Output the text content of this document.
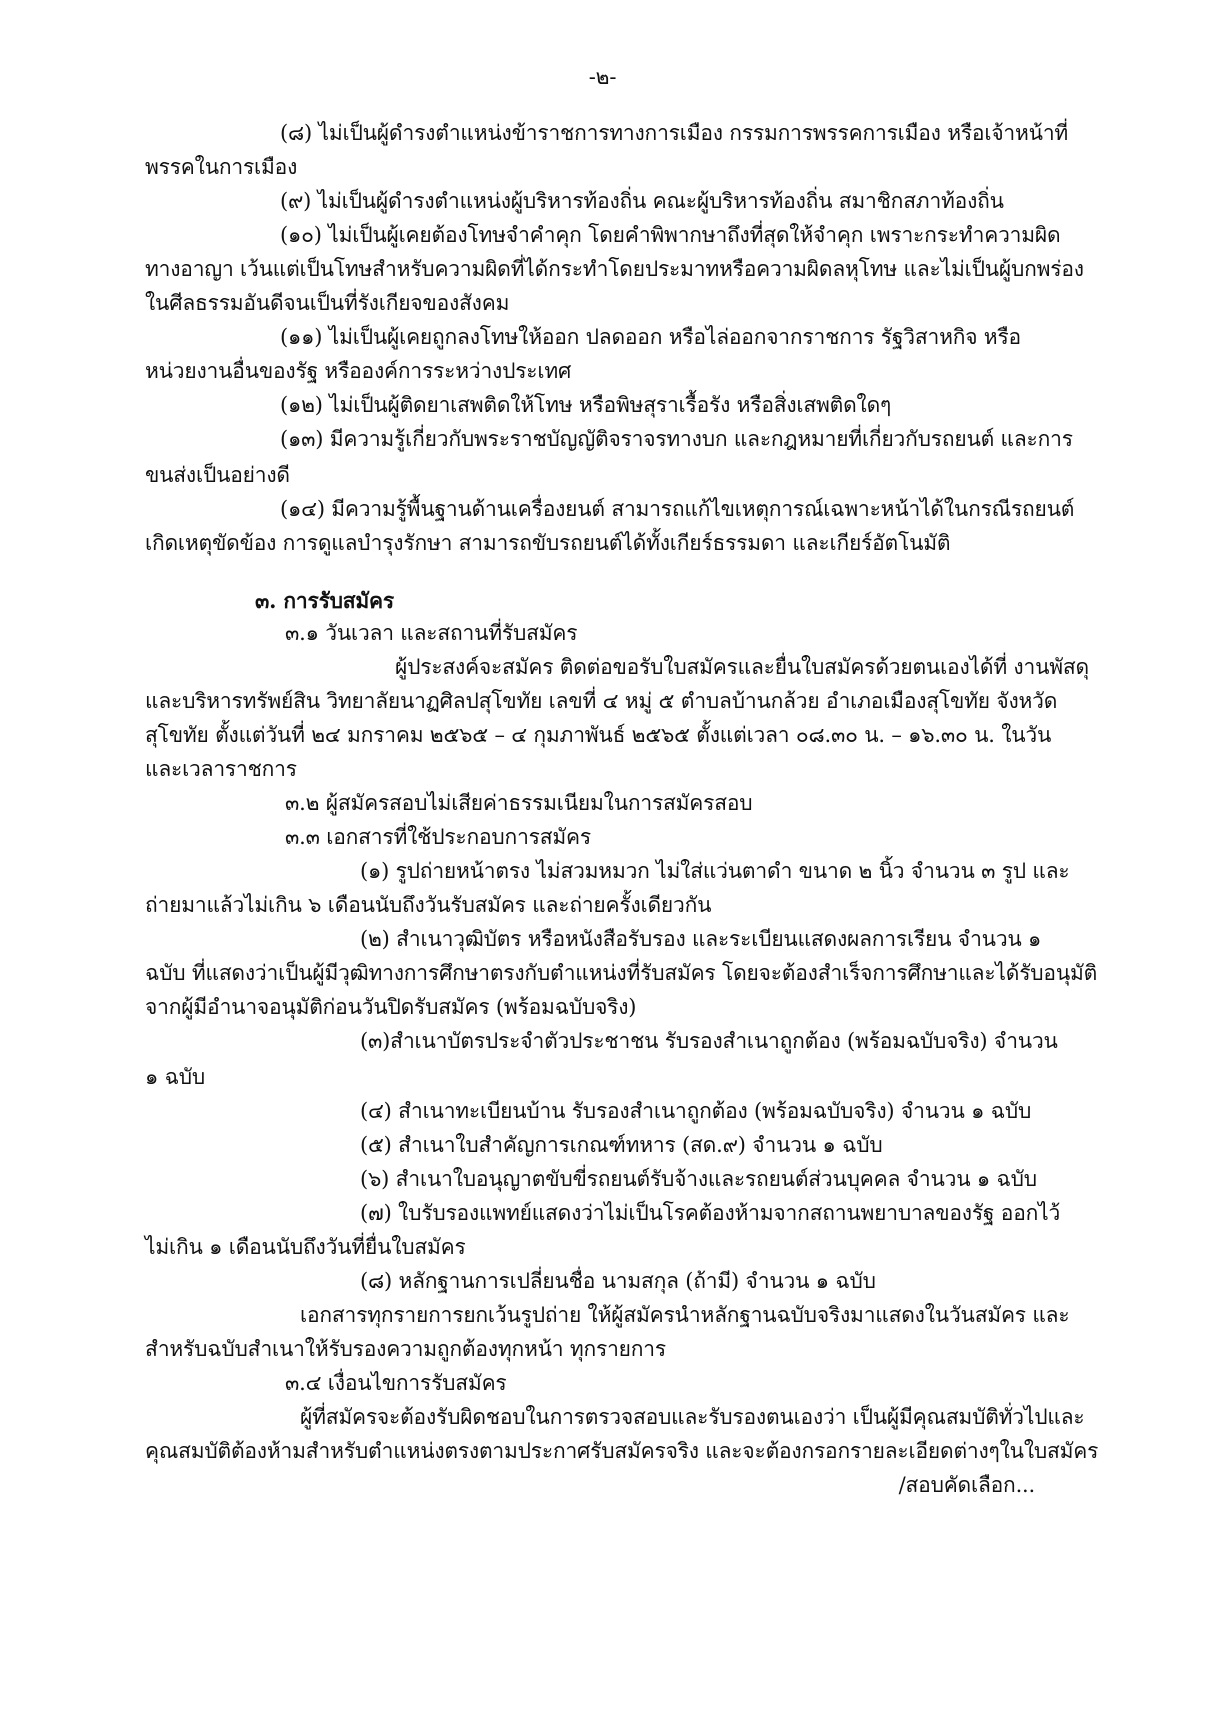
-๒-
(๘) ไม่เป็นผู้ดำรงตำแหน่งข้าราชการทางการเมือง กรรมการพรรคการเมือง หรือเจ้าหน้าที่
พรรคในการเมือง
(๙) ไม่เป็นผู้ดำรงตำแหน่งผู้บริหารท้องถิ่น คณะผู้บริหารท้องถิ่น สมาชิกสภาท้องถิ่น
(๑๐) ไม่เป็นผู้เคยต้องโทษจำคำคุก โดยคำพิพากษาถึงที่สุดให้จำคุก เพราะกระทำความผิด
ทางอาญา เว้นแต่เป็นโทษสำหรับความผิดที่ได้กระทำโดยประมาทหรือความผิดลหุโทษ และไม่เป็นผู้บกพร่อง
ในศีลธรรมอันดีจนเป็นที่รังเกียจของสังคม
(๑๑) ไม่เป็นผู้เคยถูกลงโทษให้ออก ปลดออก หรือไล่ออกจากราชการ รัฐวิสาหกิจ หรือ
หน่วยงานอื่นของรัฐ หรือองค์การระหว่างประเทศ
(๑๒) ไม่เป็นผู้ติดยาเสพติดให้โทษ หรือพิษสุราเรื้อรัง หรือสิ่งเสพติดใดๆ
(๑๓) มีความรู้เกี่ยวกับพระราชบัญญัติจราจรทางบก และกฎหมายที่เกี่ยวกับรถยนต์ และการ
ขนส่งเป็นอย่างดี
(๑๔) มีความรู้พื้นฐานด้านเครื่องยนต์ สามารถแก้ไขเหตุการณ์เฉพาะหน้าได้ในกรณีรถยนต์
เกิดเหตุขัดข้อง การดูแลบำรุงรักษา สามารถขับรถยนต์ได้ทั้งเกียร์ธรรมดา และเกียร์อัตโนมัติ
๓. การรับสมัคร
๓.๑ วันเวลา และสถานที่รับสมัคร
ผู้ประสงค์จะสมัคร ติดต่อขอรับใบสมัครและยื่นใบสมัครด้วยตนเองได้ที่ งานพัสดุ
และบริหารทรัพย์สิน วิทยาลัยนาฏศิลปสุโขทัย เลขที่ ๔ หมู่ ๕ ตำบลบ้านกล้วย อำเภอเมืองสุโขทัย จังหวัด
สุโขทัย ตั้งแต่วันที่ ๒๔ มกราคม ๒๕๖๕ – ๔ กุมภาพันธ์ ๒๕๖๕ ตั้งแต่เวลา ๐๘.๓๐ น. – ๑๖.๓๐ น. ในวัน
และเวลาราชการ
๓.๒ ผู้สมัครสอบไม่เสียค่าธรรมเนียมในการสมัครสอบ
๓.๓ เอกสารที่ใช้ประกอบการสมัคร
(๑) รูปถ่ายหน้าตรง ไม่สวมหมวก ไม่ใส่แว่นตาดำ ขนาด ๒ นิ้ว จำนวน ๓ รูป และ
ถ่ายมาแล้วไม่เกิน ๖ เดือนนับถึงวันรับสมัคร และถ่ายครั้งเดียวกัน
(๒) สำเนาวุฒิบัตร หรือหนังสือรับรอง และระเบียนแสดงผลการเรียน จำนวน ๑
ฉบับ ที่แสดงว่าเป็นผู้มีวุฒิทางการศึกษาตรงกับตำแหน่งที่รับสมัคร โดยจะต้องสำเร็จการศึกษาและได้รับอนุมัติ
จากผู้มีอำนาจอนุมัติก่อนวันปิดรับสมัคร (พร้อมฉบับจริง)
(๓)สำเนาบัตรประจำตัวประชาชน รับรองสำเนาถูกต้อง (พร้อมฉบับจริง) จำนวน
๑ ฉบับ
(๔) สำเนาทะเบียนบ้าน รับรองสำเนาถูกต้อง (พร้อมฉบับจริง) จำนวน ๑ ฉบับ
(๕) สำเนาใบสำคัญการเกณฑ์ทหาร (สด.๙) จำนวน ๑ ฉบับ
(๖) สำเนาใบอนุญาตขับขี่รถยนต์รับจ้างและรถยนต์ส่วนบุคคล จำนวน ๑ ฉบับ
(๗) ใบรับรองแพทย์แสดงว่าไม่เป็นโรคต้องห้ามจากสถานพยาบาลของรัฐ ออกไว้
ไม่เกิน ๑ เดือนนับถึงวันที่ยื่นใบสมัคร
(๘) หลักฐานการเปลี่ยนชื่อ นามสกุล (ถ้ามี) จำนวน ๑ ฉบับ
เอกสารทุกรายการยกเว้นรูปถ่าย ให้ผู้สมัครนำหลักฐานฉบับจริงมาแสดงในวันสมัคร และ
สำหรับฉบับสำเนาให้รับรองความถูกต้องทุกหน้า ทุกรายการ
๓.๔ เงื่อนไขการรับสมัคร
ผู้ที่สมัครจะต้องรับผิดชอบในการตรวจสอบและรับรองตนเองว่า เป็นผู้มีคุณสมบัติทั่วไปและ
คุณสมบัติต้องห้ามสำหรับตำแหน่งตรงตามประกาศรับสมัครจริง และจะต้องกรอกรายละเอียดต่างๆในใบสมัคร
/สอบคัดเลือก...
